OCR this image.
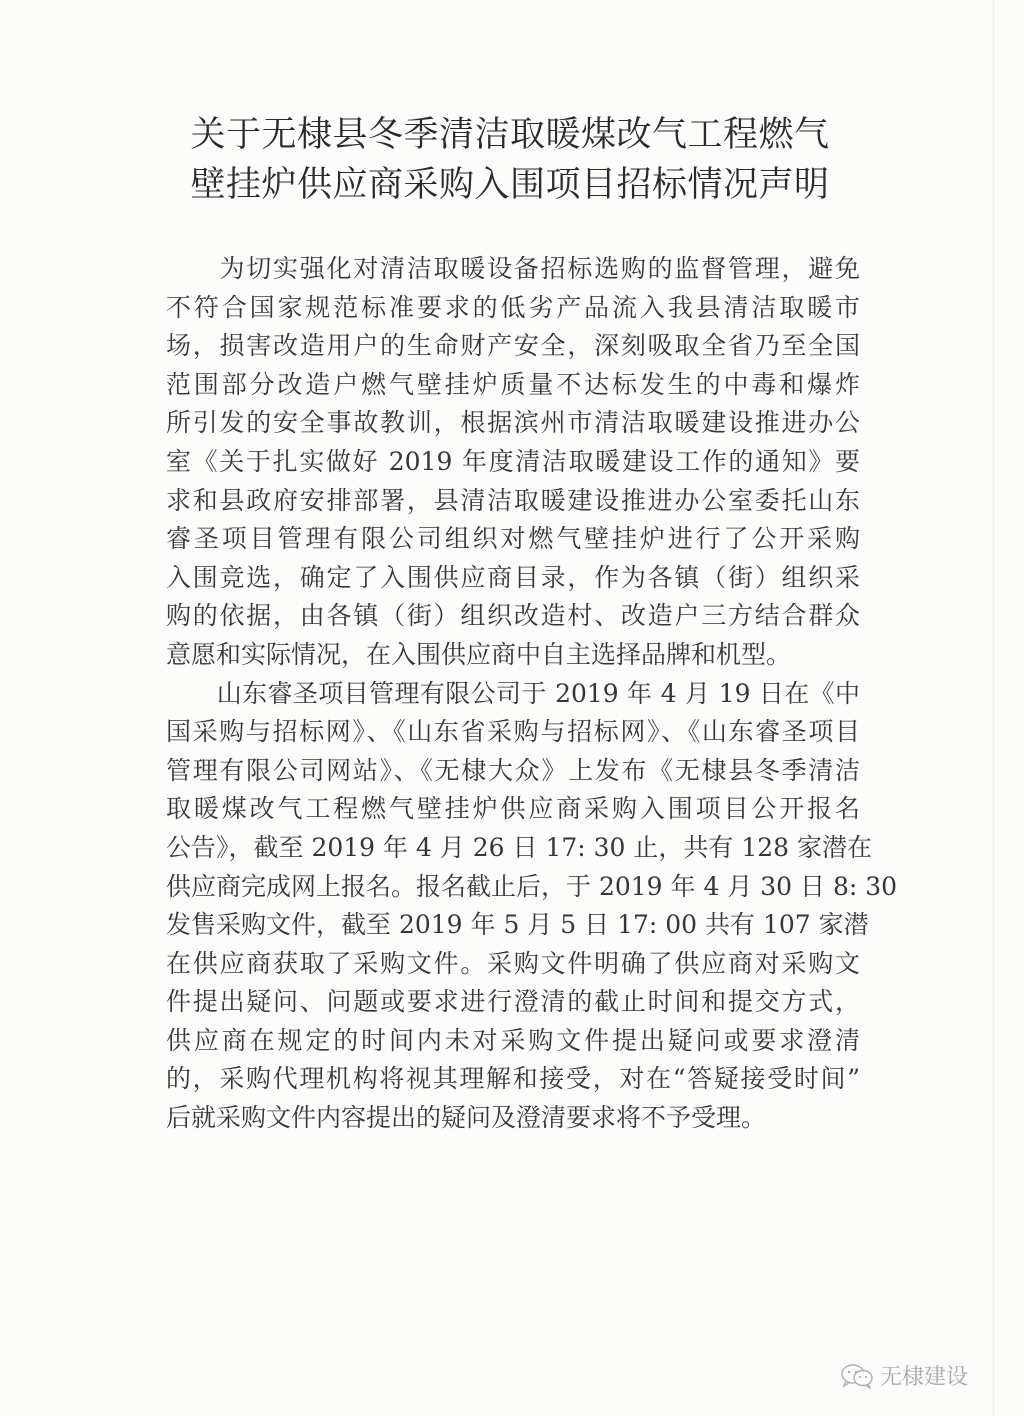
关于无棣县冬季清洁取暖煤改气工程燃气
壁挂炉供应商采购入围项目招标情况声明
　　为切实强化对清洁取暖设备招标选购的监督管理，避免
不符合国家规范标准要求的低劣产品流入我县清洁取暖市
场，损害改造用户的生命财产安全，深刻吸取全省乃至全国
范围部分改造户燃气壁挂炉质量不达标发生的中毒和爆炸
所引发的安全事故教训，根据滨州市清洁取暖建设推进办公
室《关于扎实做好 2019 年度清洁取暖建设工作的通知》要
求和县政府安排部署，县清洁取暖建设推进办公室委托山东
睿圣项目管理有限公司组织对燃气壁挂炉进行了公开采购
入围竞选，确定了入围供应商目录，作为各镇（街）组织采
购的依据，由各镇（街）组织改造村、改造户三方结合群众
意愿和实际情况，在入围供应商中自主选择品牌和机型。
　　山东睿圣项目管理有限公司于 2019 年 4 月 19 日在《中
国采购与招标网》、《山东省采购与招标网》、《山东睿圣项目
管理有限公司网站》、《无棣大众》上发布《无棣县冬季清洁
取暖煤改气工程燃气壁挂炉供应商采购入围项目公开报名
公告》，截至 2019 年 4 月 26 日 17: 30 止，共有 128 家潜在
供应商完成网上报名。报名截止后，于 2019 年 4 月 30 日 8: 30
发售采购文件，截至 2019 年 5 月 5 日 17: 00 共有 107 家潜
在供应商获取了采购文件。采购文件明确了供应商对采购文
件提出疑问、问题或要求进行澄清的截止时间和提交方式，
供应商在规定的时间内未对采购文件提出疑问或要求澄清
的，采购代理机构将视其理解和接受，对在“答疑接受时间”
后就采购文件内容提出的疑问及澄清要求将不予受理。
无棣建设
